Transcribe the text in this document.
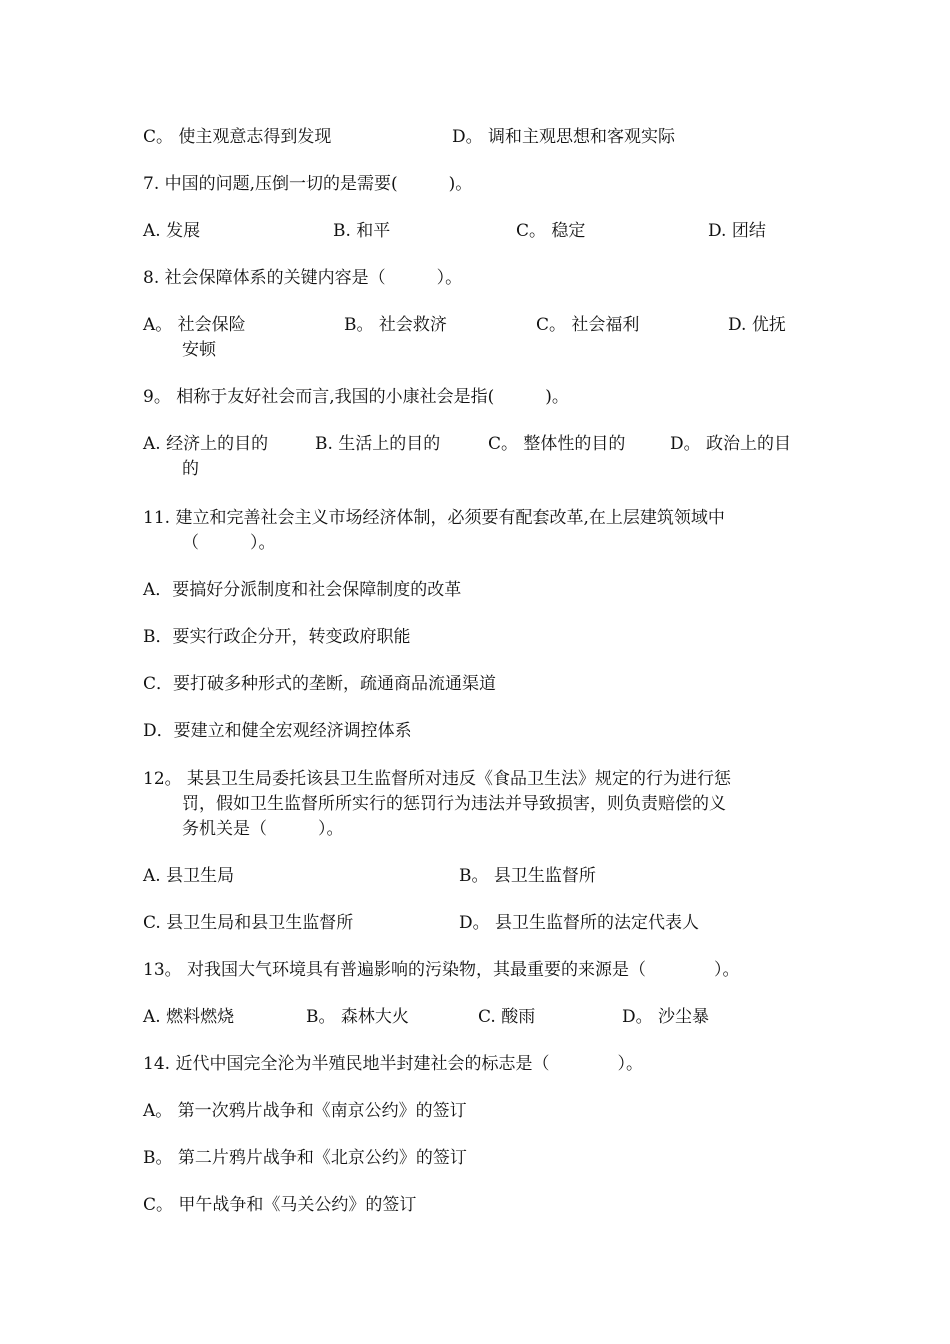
C。 使主观意志得到发现	D。 调和主观思想和客观实际
7. 中国的问题,压倒一切的是需要(　　　)。
A. 发展	B. 和平	C。 稳定	D. 团结
8. 社会保障体系的关键内容是（　　　）。
A。 社会保险	B。 社会救济	C。 社会福利	D. 优抚
安顿
9。 相称于友好社会而言,我国的小康社会是指(　　　)。
A. 经济上的目的	B. 生活上的目的	C。 整体性的目的	D。 政治上的目
的
11. 建立和完善社会主义市场经济体制，必须要有配套改革,在上层建筑领域中
（　　　）。
A．要搞好分派制度和社会保障制度的改革
B．要实行政企分开，转变政府职能
C．要打破多种形式的垄断，疏通商品流通渠道
D．要建立和健全宏观经济调控体系
12。 某县卫生局委托该县卫生监督所对违反《食品卫生法》规定的行为进行惩
罚，假如卫生监督所所实行的惩罚行为违法并导致损害，则负责赔偿的义
务机关是（　　　）。
A. 县卫生局	B。 县卫生监督所
C. 县卫生局和县卫生监督所	D。 县卫生监督所的法定代表人
13。 对我国大气环境具有普遍影响的污染物，其最重要的来源是（　　　　）。
A. 燃料燃烧	B。 森林大火	C. 酸雨	D。 沙尘暴
14. 近代中国完全沦为半殖民地半封建社会的标志是（　　　　）。
A。 第一次鸦片战争和《南京公约》的签订
B。 第二片鸦片战争和《北京公约》的签订
C。 甲午战争和《马关公约》的签订
